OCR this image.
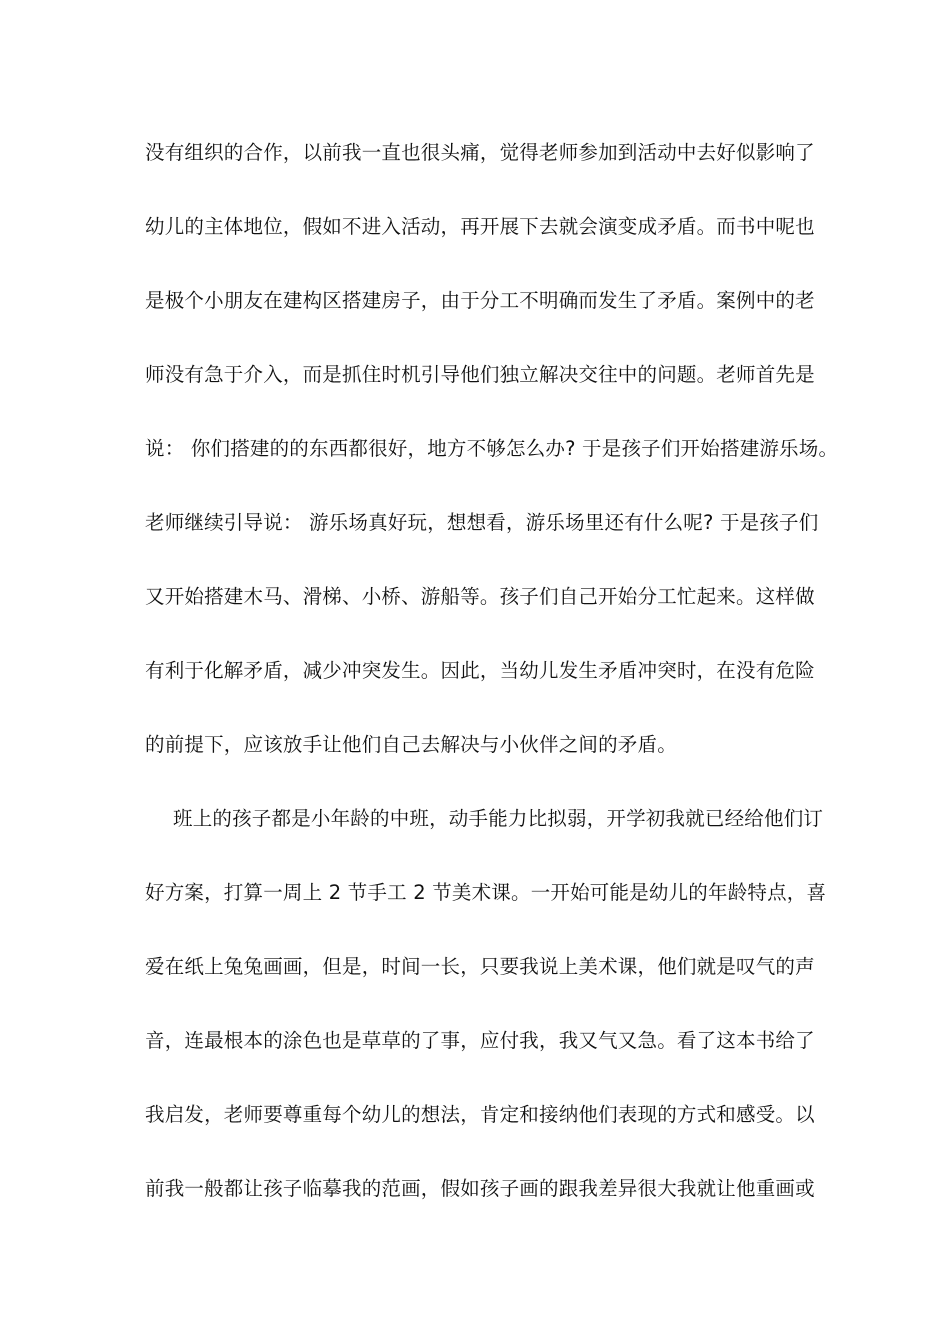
没有组织的合作，以前我一直也很头痛，觉得老师参加到活动中去好似影响了
幼儿的主体地位，假如不进入活动，再开展下去就会演变成矛盾。而书中呢也
是极个小朋友在建构区搭建房子，由于分工不明确而发生了矛盾。案例中的老
师没有急于介入，而是抓住时机引导他们独立解决交往中的问题。老师首先是
说： 你们搭建的的东西都很好，地方不够怎么办? 于是孩子们开始搭建游乐场。
老师继续引导说： 游乐场真好玩，想想看，游乐场里还有什么呢? 于是孩子们
又开始搭建木马、滑梯、小桥、游船等。孩子们自己开始分工忙起来。这样做
有利于化解矛盾，减少冲突发生。因此，当幼儿发生矛盾冲突时，在没有危险
的前提下，应该放手让他们自己去解决与小伙伴之间的矛盾。
班上的孩子都是小年龄的中班，动手能力比拟弱，开学初我就已经给他们订
好方案，打算一周上 2 节手工 2 节美术课。一开始可能是幼儿的年龄特点，喜
爱在纸上兔兔画画，但是，时间一长，只要我说上美术课，他们就是叹气的声
音，连最根本的涂色也是草草的了事，应付我，我又气又急。看了这本书给了
我启发，老师要尊重每个幼儿的想法，肯定和接纳他们表现的方式和感受。以
前我一般都让孩子临摹我的范画，假如孩子画的跟我差异很大我就让他重画或
